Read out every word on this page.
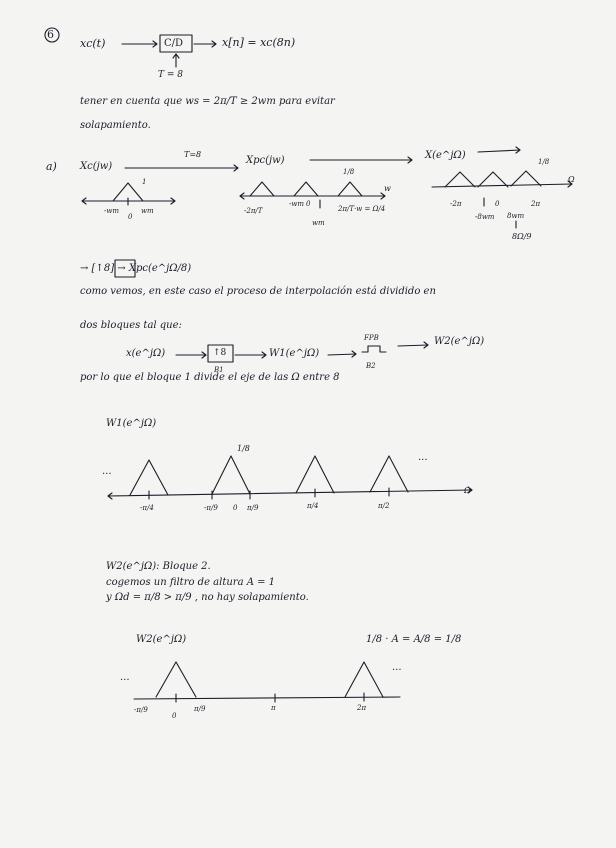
6
xc(t)	C/D	x[n] = xc(8n)
T = 8
tener en cuenta que ws = 2π/T ≥ 2wm para evitar
solapamiento.
a) Xc(jw)
T=8
Xpc(jw)	X(e^jΩ)
1
1/8
1/8
-wm
0
wm	-2π/T
-wm 0
wm
2π/T·w = Ω/4
w
-2π
-8wm
0
8wm
2π
8Ω/9
Ω
→ [↑8] → Xpc(e^jΩ/8)
como vemos, en este caso el proceso de interpolación está dividido en
dos bloques tal que:
x(e^jΩ)	↑8
B1
W1(e^jΩ)
FPB
B2
W2(e^jΩ)
por lo que el bloque 1 divide el eje de las Ω entre 8
W1(e^jΩ)
1/8
...
...
-π/4	-π/9 0 π/9	π/4	π/2
Ω
W2(e^jΩ): Bloque 2.
cogemos un filtro de altura A = 1
y Ωd = π/8 > π/9 , no hay solapamiento.
W2(e^jΩ)	1/8 · A = A/8 = 1/8
...
...
-π/9
0
π/9	π	2π
